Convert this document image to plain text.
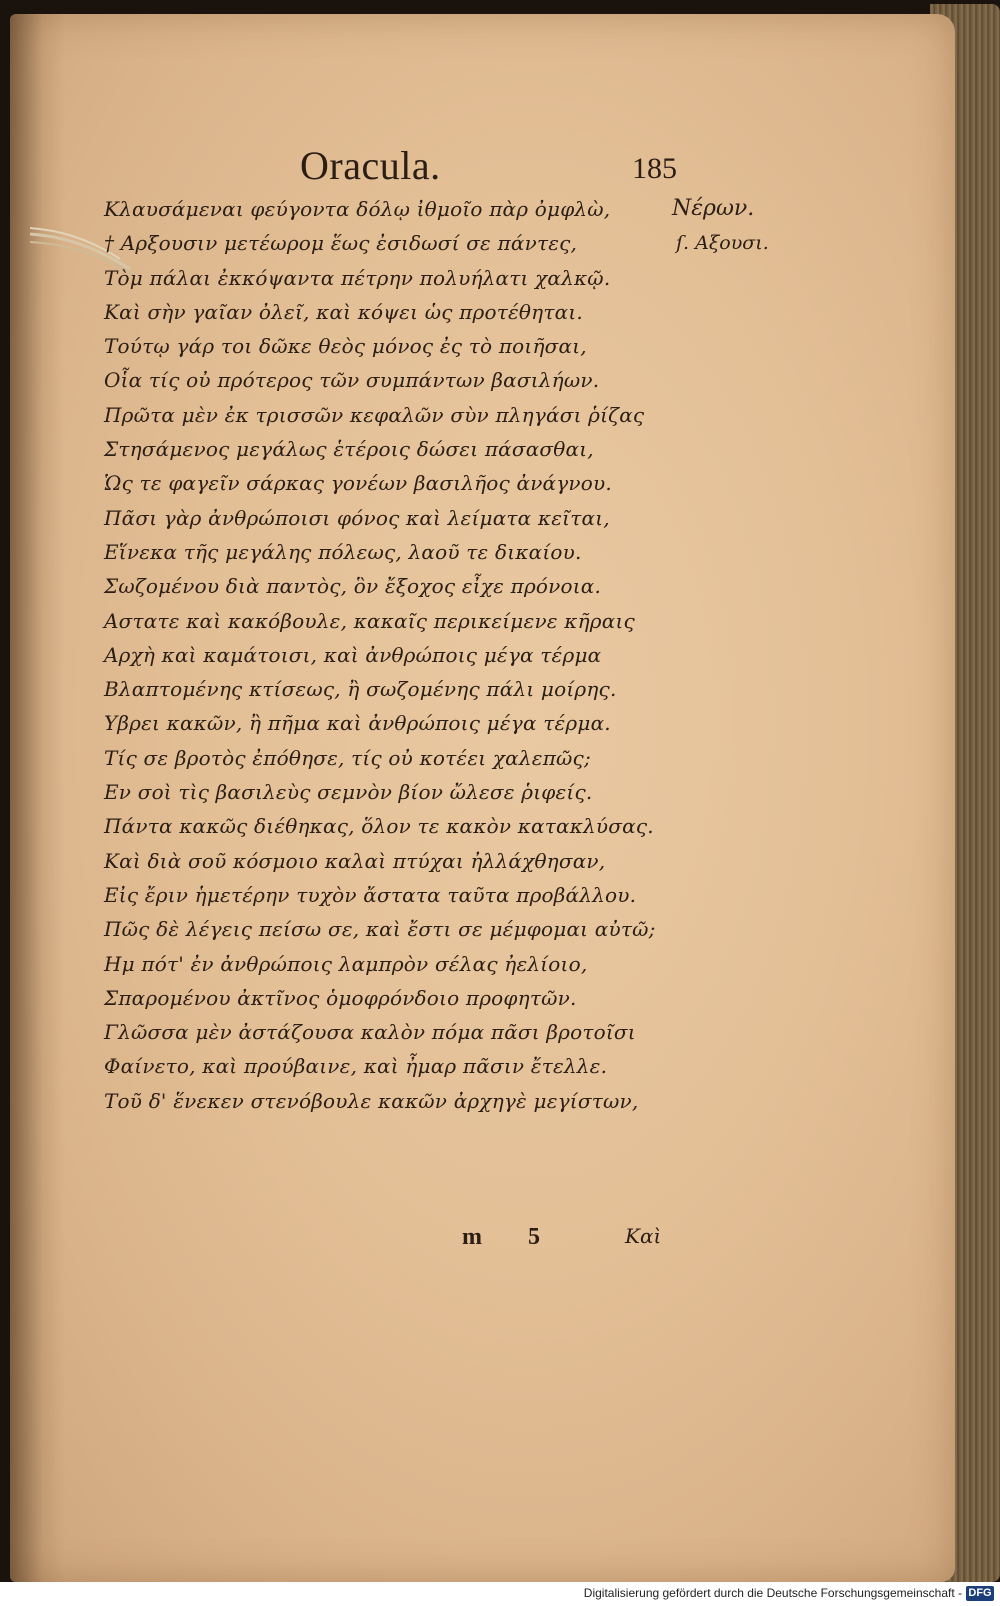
Oracula.	185
Κλαυσάμεναι φεύγοντα δόλῳ ἰθμοῖο πὰρ ὀμφλὼ,
† Αρξουσιν μετέωρομ ἕως ἐσιδωσί σε πάντες,
Τὸμ πάλαι ἐκκόψαντα πέτρην πολυήλατι χαλκῷ.
Καὶ σὴν γαῖαν ὀλεῖ, καὶ κόψει ὡς προτέθηται.
Τούτῳ γάρ τοι δῶκε θεὸς μόνος ἐς τὸ ποιῆσαι,
Οἷα τίς οὐ πρότερος τῶν συμπάντων βασιλήων.
Πρῶτα μὲν ἐκ τρισσῶν κεφαλῶν σὺν πληγάσι ῥίζας
Στησάμενος μεγάλως ἑτέροις δώσει πάσασθαι,
Ὡς τε φαγεῖν σάρκας γονέων βασιλῆος ἀνάγνου.
Πᾶσι γὰρ ἀνθρώποισι φόνος καὶ λείματα κεῖται,
Εἵνεκα τῆς μεγάλης πόλεως, λαοῦ τε δικαίου.
Σωζομένου διὰ παντὸς, ὃν ἔξοχος εἶχε πρόνοια.
Αστατε καὶ κακόβουλε, κακαῖς περικείμενε κῆραις
Αρχὴ καὶ καμάτοισι, καὶ ἀνθρώποις μέγα τέρμα
Βλαπτομένης κτίσεως, ἢ σωζομένης πάλι μοίρης.
Υβρει κακῶν, ἢ πῆμα καὶ ἀνθρώποις μέγα τέρμα.
Τίς σε βροτὸς ἐπόθησε, τίς οὐ κοτέει χαλεπῶς;
Εν σοὶ τὶς βασιλεὺς σεμνὸν βίον ὤλεσε ῥιφείς.
Πάντα κακῶς διέθηκας, ὅλον τε κακὸν κατακλύσας.
Καὶ διὰ σοῦ κόσμοιο καλαὶ πτύχαι ἠλλάχθησαν,
Εἰς ἔριν ἡμετέρην τυχὸν ἄστατα ταῦτα προβάλλου.
Πῶς δὲ λέγεις πείσω σε, καὶ ἔστι σε μέμφομαι αὐτῶ;
Ημ πότ' ἐν ἀνθρώποις λαμπρὸν σέλας ἠελίοιο,
Σπαρομένου ἀκτῖνος ὁμοφρόνδοιο προφητῶν.
Γλῶσσα μὲν ἀστάζουσα καλὸν πόμα πᾶσι βροτοῖσι
Φαίνετο, καὶ προύβαινε, καὶ ἦμαρ πᾶσιν ἔτελλε.
Τοῦ δ' ἕνεκεν στενόβουλε κακῶν ἀρχηγὲ μεγίστων,
Νέρων.
ſ. Αξουσι.
m 5	Καὶ
Digitalisierung gefördert durch die Deutsche Forschungsgemeinschaft - DFG
